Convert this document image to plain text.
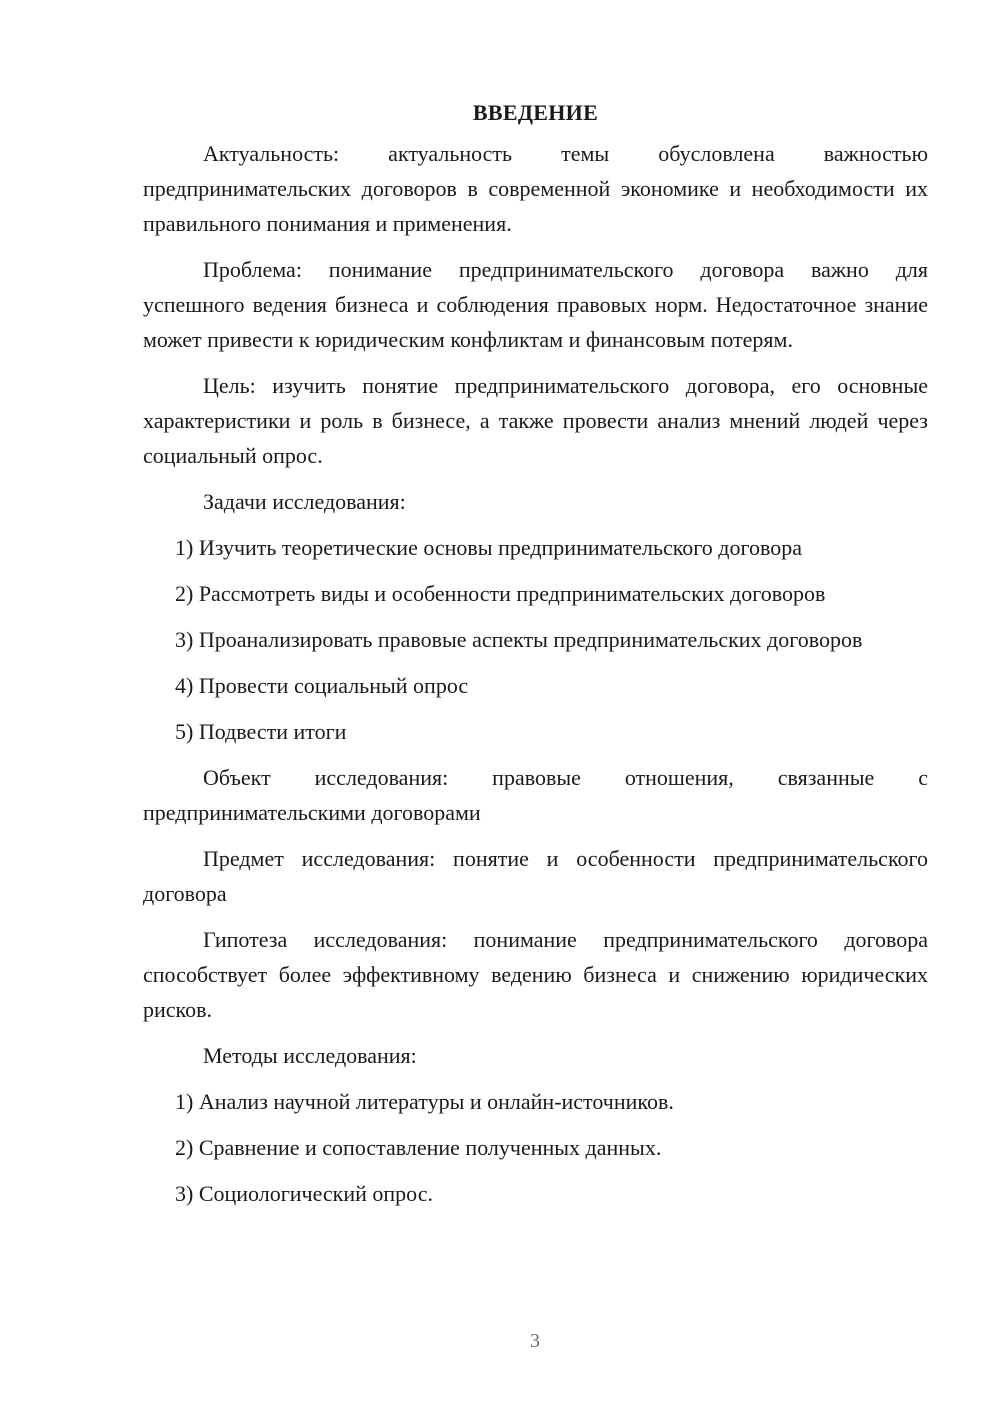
ВВЕДЕНИЕ

Актуальность: актуальность темы обусловлена важностью предпринимательских договоров в современной экономике и необходимости их правильного понимания и применения.

Проблема: понимание предпринимательского договора важно для успешного ведения бизнеса и соблюдения правовых норм. Недостаточное знание может привести к юридическим конфликтам и финансовым потерям.

Цель: изучить понятие предпринимательского договора, его основные характеристики и роль в бизнесе, а также провести анализ мнений людей через социальный опрос.

Задачи исследования:

1) Изучить теоретические основы предпринимательского договора

2) Рассмотреть виды и особенности предпринимательских договоров

3) Проанализировать правовые аспекты предпринимательских договоров

4) Провести социальный опрос

5) Подвести итоги

Объект исследования: правовые отношения, связанные с предпринимательскими договорами

Предмет исследования: понятие и особенности предпринимательского договора

Гипотеза исследования: понимание предпринимательского договора способствует более эффективному ведению бизнеса и снижению юридических рисков.

Методы исследования:

1) Анализ научной литературы и онлайн-источников.

2) Сравнение и сопоставление полученных данных.

3) Социологический опрос.

3
